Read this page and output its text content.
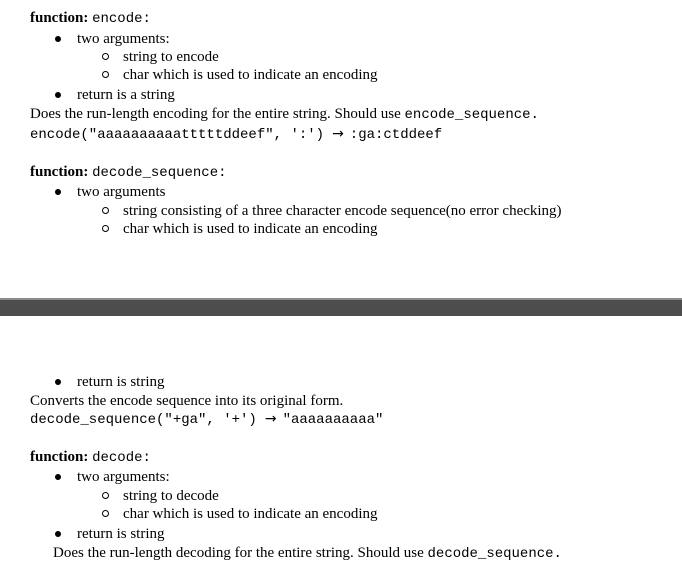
function: encode:
two arguments:
string to encode
char which is used to indicate an encoding
return is a string
Does the run-length encoding for the entire string. Should use encode_sequence.
encode("aaaaaaaaaatttttddeef", ':') → :ga:ctddeef
function: decode_sequence:
two arguments
string consisting of a three character encode sequence(no error checking)
char which is used to indicate an encoding
return is string
Converts the encode sequence into its original form.
decode_sequence("+ga", '+') → "aaaaaaaaaa"
function: decode:
two arguments:
string to decode
char which is used to indicate an encoding
return is string
Does the run-length decoding for the entire string. Should use decode_sequence.
